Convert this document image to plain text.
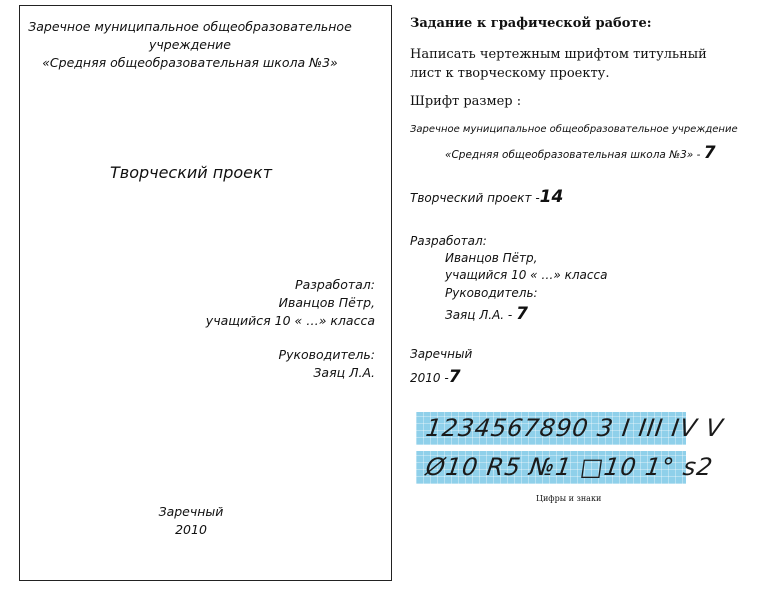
Заречное муниципальное общеобразовательное
учреждение
«Средняя общеобразовательная школа №3»
Творческий проект
Разработал:
Иванцов Пётр,
учащийся 10 « …» класса
Руководитель:
Заяц Л.А.
Заречный
2010
Задание к графической работе:
Написать чертежным шрифтом титульный лист к творческому проекту.
Шрифт размер :
Заречное муниципальное общеобразовательное учреждение
«Средняя общеобразовательная школа №3» - 7
Творческий проект -14
Разработал:
Иванцов Пётр,
учащийся 10 « …» класса
Руководитель:
Заяц Л.А. - 7
Заречный
2010 -7
1234567890 3 I III IV V
Ø10 R5 №1 □10 1° s2
Цифры и знаки
